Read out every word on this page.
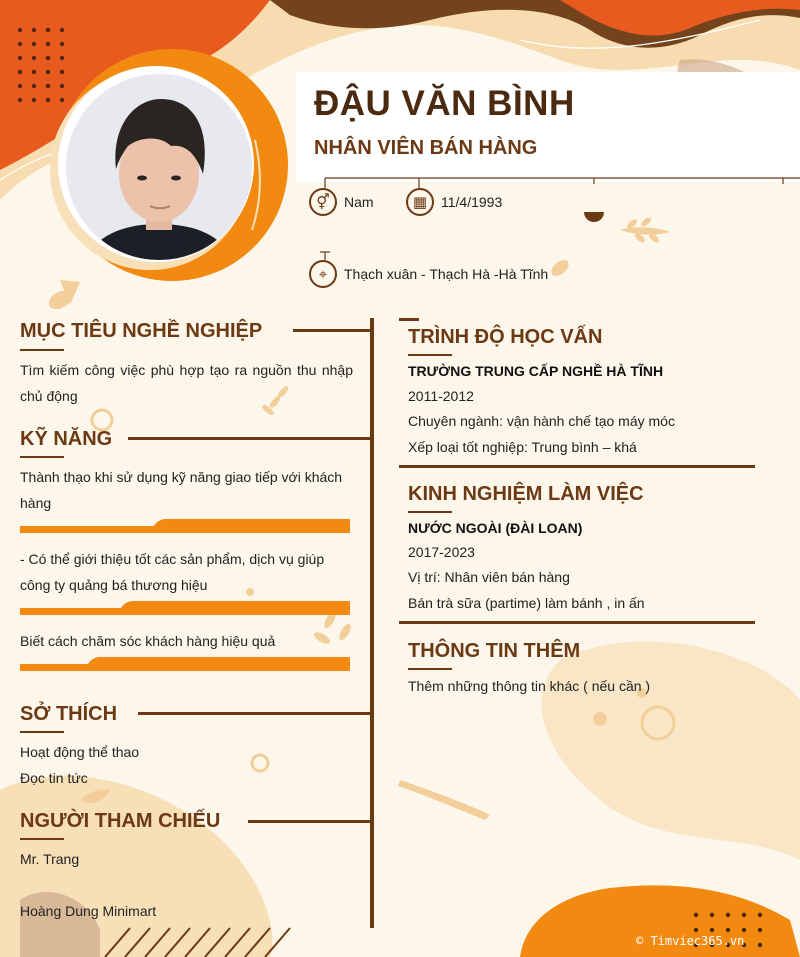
ĐẬU VĂN BÌNH
NHÂN VIÊN BÁN HÀNG
⚥	Nam	▦ 11/4/1993
⌖	Thạch xuân - Thạch Hà -Hà Tĩnh
MỤC TIÊU NGHỀ NGHIỆP
Tìm kiếm công việc phù hợp tạo ra nguồn thu nhập chủ động
KỸ NĂNG
Thành thạo khi sử dụng kỹ năng giao tiếp với khách hàng
- Có thể giới thiệu tốt các sản phẩm, dịch vụ giúp công ty quảng bá thương hiệu
Biết cách chăm sóc khách hàng hiệu quả
SỞ THÍCH
Hoạt động thể thao
Đọc tin tức
NGƯỜI THAM CHIẾU
Mr. Trang
Hoàng Dung Minimart
TRÌNH ĐỘ HỌC VẤN
TRƯỜNG TRUNG CẤP NGHỀ HÀ TĨNH
2011-2012
Chuyên ngành: vận hành chế tạo máy móc
Xếp loại tốt nghiệp: Trung bình – khá
KINH NGHIỆM LÀM VIỆC
NƯỚC NGOÀI (ĐÀI LOAN)
2017-2023
Vị trí: Nhân viên bán hàng
Bán trà sữa (partime) làm bánh , in ấn
THÔNG TIN THÊM
Thêm những thông tin khác ( nếu cần )
© Timviec365.vn
